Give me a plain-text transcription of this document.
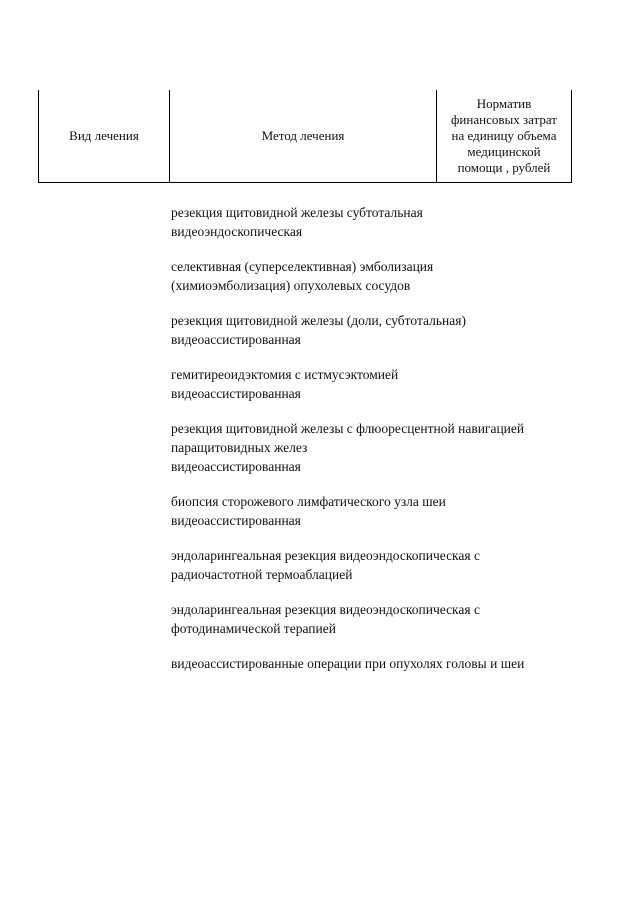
Вид лечения	Метод лечения
Норматив
финансовых затрат
на единицу объема
медицинской
помощи , рублей
резекция щитовидной железы субтотальная
видеоэндоскопическая
селективная (суперселективная) эмболизация
(химиоэмболизация) опухолевых сосудов
резекция щитовидной железы (доли, субтотальная)
видеоассистированная
гемитиреоидэктомия с истмусэктомией
видеоассистированная
резекция щитовидной железы с флюоресцентной навигацией
паращитовидных желез
видеоассистированная
биопсия сторожевого лимфатического узла шеи
видеоассистированная
эндоларингеальная резекция видеоэндоскопическая с
радиочастотной термоаблацией
эндоларингеальная резекция видеоэндоскопическая с
фотодинамической терапией
видеоассистированные операции при опухолях головы и шеи
